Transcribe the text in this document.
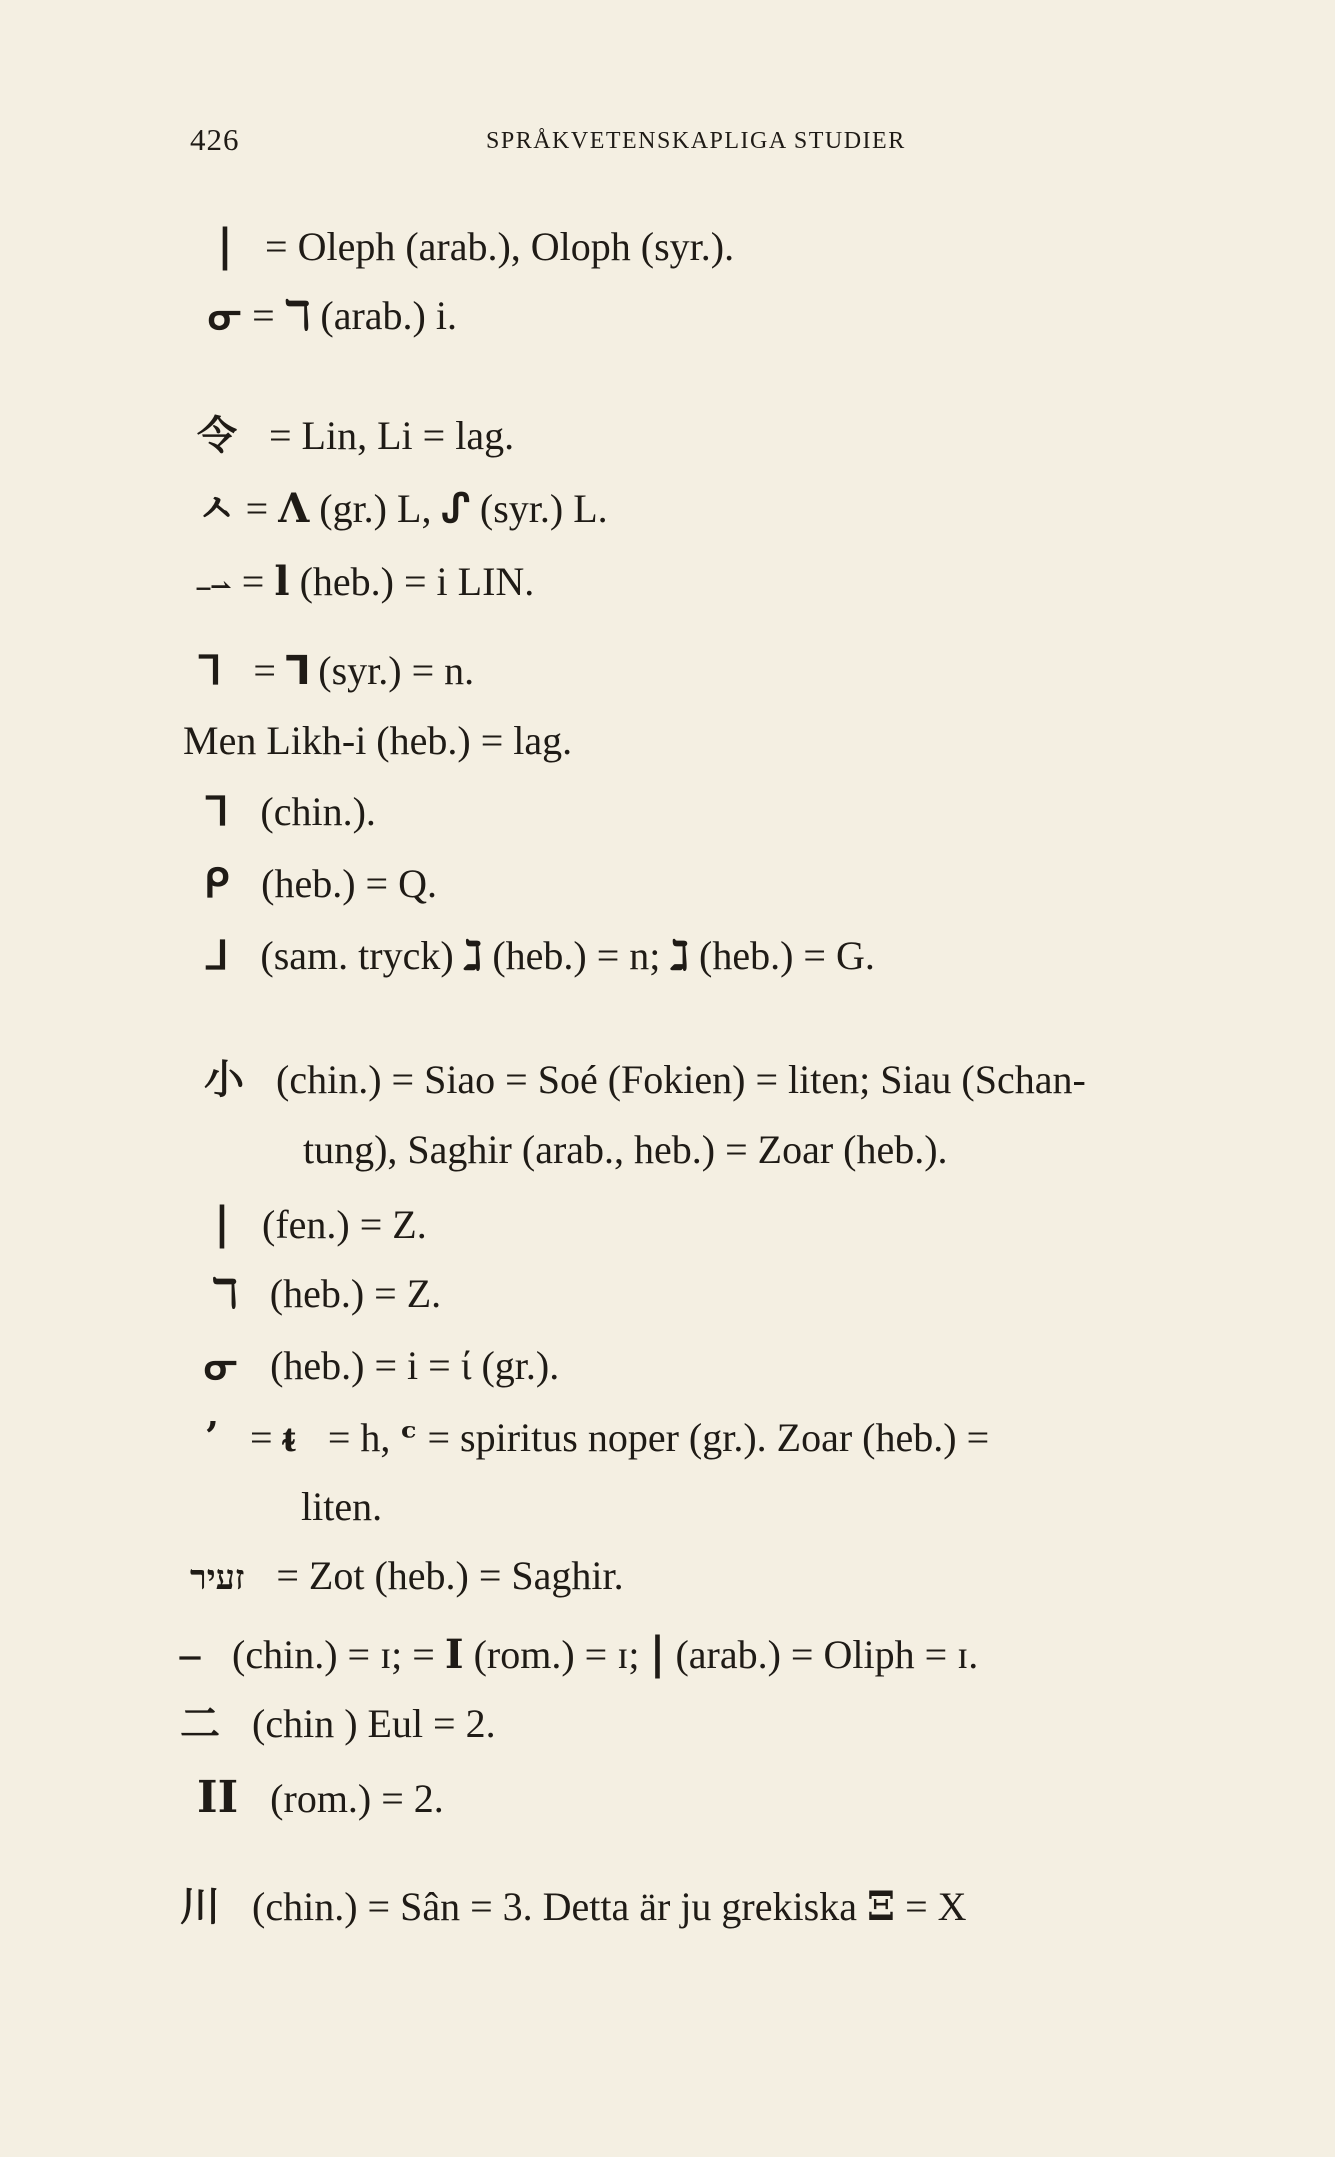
426	SPRÅKVETENSKAPLIGA STUDIER
| = Oleph (arab.), Oloph (syr.).
ᓂ = ℸ (arab.) i.
令 = Lin, Li = lag.
ㅅ = Λ (gr.) L, ᔑ (syr.) L.
⎯⇀ = ⅼ (heb.) = i LIN.
ᒣ = ⅂ (syr.) = n.
Men Likh-i (heb.) = lag.
ᒣ (chin.).
ᑭ (heb.) = Q.
ᒧ (sam. tryck) ℷ (heb.) = n; ℷ (heb.) = G.
小 (chin.) = Siao = Soé (Fokien) = liten; Siau (Schan-
tung), Saghir (arab., heb.) = Zoar (heb.).
| (fen.) = Z.
ℸ (heb.) = Z.
ᓂ (heb.) = i = ί (gr.).
ʼ = ᵵ = h, ᶜ = spiritus noper (gr.). Zoar (heb.) =
liten.
זעיר = Zot (heb.) = Saghir.
⎯ (chin.) = ɪ; = I (rom.) = ɪ; | (arab.) = Oliph = ɪ.
二 (chin ) Eul = 2.
II (rom.) = 2.
川 (chin.) = Sân = 3. Detta är ju grekiska Ξ = X
